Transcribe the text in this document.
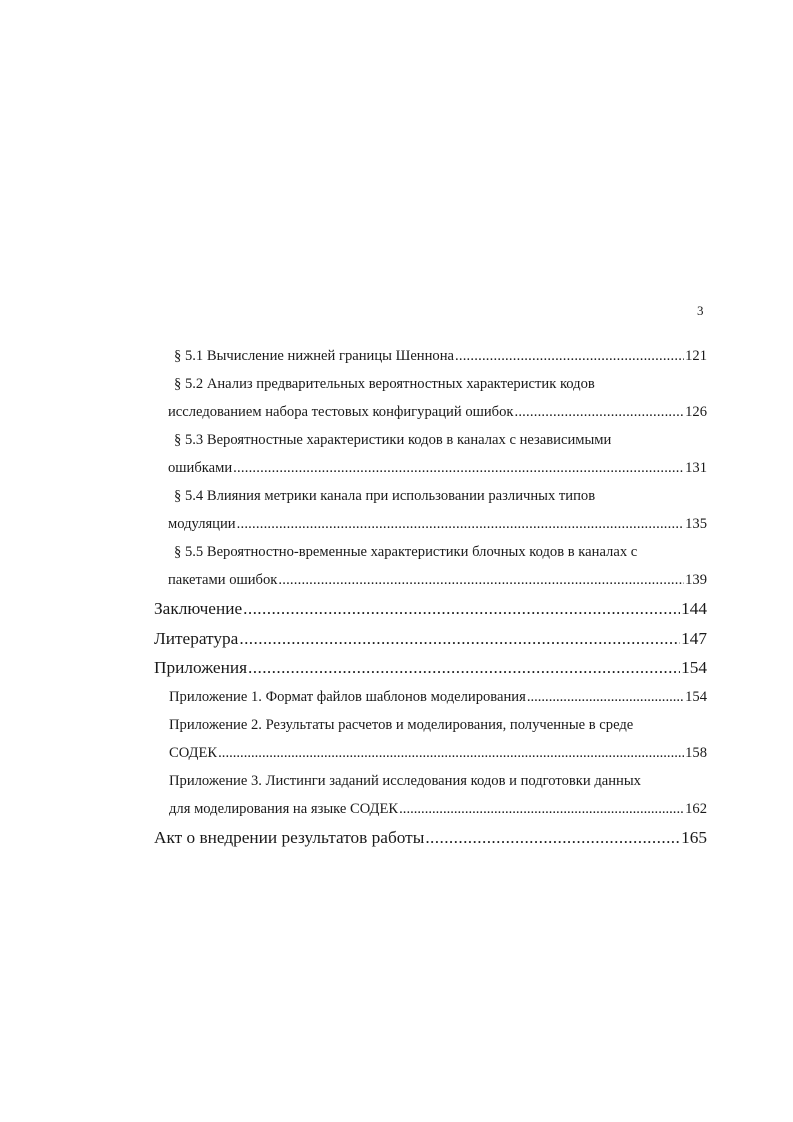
3
§ 5.1 Вычисление нижней границы Шеннона .....	121
§ 5.2 Анализ предварительных вероятностных характеристик кодов
исследованием набора тестовых конфигураций ошибок .....	126
§ 5.3 Вероятностные характеристики кодов в каналах с независимыми
ошибками .....	131
§ 5.4 Влияния метрики канала при использовании различных типов
модуляции .....	135
§ 5.5 Вероятностно-временные характеристики блочных кодов в каналах с
пакетами ошибок .....	139
Заключение .....	144
Литература .....	147
Приложения .....	154
Приложение 1. Формат файлов шаблонов моделирования .....	154
Приложение 2. Результаты расчетов и моделирования, полученные в среде
СОДЕК .....	158
Приложение 3. Листинги заданий исследования кодов и подготовки данных
для моделирования на языке СОДЕК .....	162
Акт о внедрении результатов работы .....	165
